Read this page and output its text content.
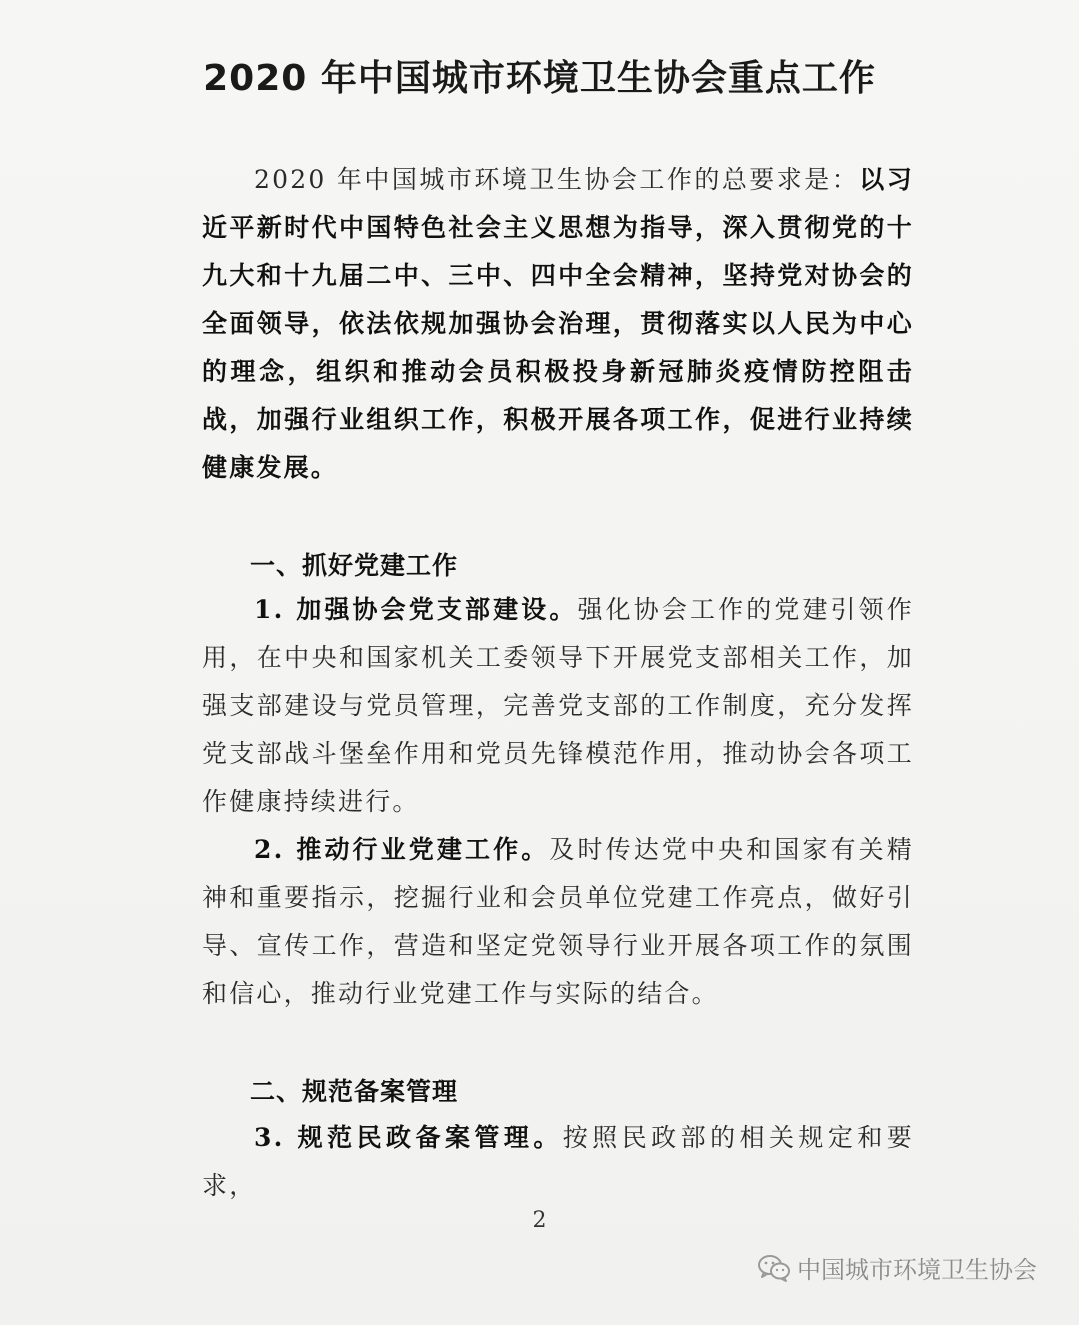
2020 年中国城市环境卫生协会重点工作

2020 年中国城市环境卫生协会工作的总要求是：以习近平新时代中国特色社会主义思想为指导，深入贯彻党的十九大和十九届二中、三中、四中全会精神，坚持党对协会的全面领导，依法依规加强协会治理，贯彻落实以人民为中心的理念，组织和推动会员积极投身新冠肺炎疫情防控阻击战，加强行业组织工作，积极开展各项工作，促进行业持续健康发展。

一、抓好党建工作

1. 加强协会党支部建设。强化协会工作的党建引领作用，在中央和国家机关工委领导下开展党支部相关工作，加强支部建设与党员管理，完善党支部的工作制度，充分发挥党支部战斗堡垒作用和党员先锋模范作用，推动协会各项工作健康持续进行。

2. 推动行业党建工作。及时传达党中央和国家有关精神和重要指示，挖掘行业和会员单位党建工作亮点，做好引导、宣传工作，营造和坚定党领导行业开展各项工作的氛围和信心，推动行业党建工作与实际的结合。

二、规范备案管理

3. 规范民政备案管理。按照民政部的相关规定和要求，

2
中国城市环境卫生协会
